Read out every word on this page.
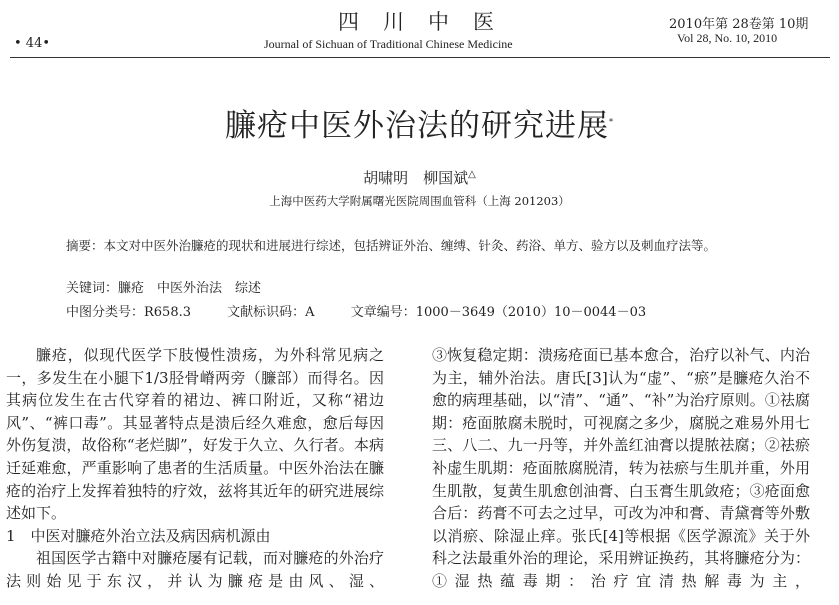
• 44•
四川中医
Journal of Sichuan of Traditional Chinese Medicine
2010年第 28卷第 10期
Vol 28, No. 10, 2010
臁疮中医外治法的研究进展*
胡啸明　柳国斌△
上海中医药大学附属曙光医院周围血管科（上海 201203）
摘要：本文对中医外治臁疮的现状和进展进行综述，包括辨证外治、缠缚、针灸、药浴、单方、验方以及刺血疗法等。
关键词：臁疮　中医外治法　综述
中图分类号：R658.3	文献标识码：A	文章编号：1000－3649（2010）10－0044－03

臁疮，似现代医学下肢慢性溃疡，为外科常见病之一，多发生在小腿下1/3胫骨嵴两旁（臁部）而得名。因其病位发生在古代穿着的裙边、裤口附近，又称“裙边风”、“裤口毒”。其显著特点是溃后经久难愈，愈后每因外伤复溃，故俗称“老烂脚”，好发于久立、久行者。本病迁延难愈，严重影响了患者的生活质量。中医外治法在臁疮的治疗上发挥着独特的疗效，兹将其近年的研究进展综述如下。

1　中医对臁疮外治立法及病因病机源由

祖国医学古籍中对臁疮屡有记载，而对臁疮的外治疗法则始见于东汉，并认为臁疮是由风、湿、

③恢复稳定期：溃疡疮面已基本愈合，治疗以补气、内治为主，辅外治法。唐氏[3]认为“虚”、“瘀”是臁疮久治不愈的病理基础，以“清”、“通”、“补”为治疗原则。①祛腐期：疮面脓腐未脱时，可视腐之多少，腐脱之难易外用七三、八二、九一丹等，并外盖红油膏以提脓祛腐；②祛瘀补虚生肌期：疮面脓腐脱清，转为祛瘀与生肌并重，外用生肌散，复黄生肌愈创油膏、白玉膏生肌敛疮；③疮面愈合后：药膏不可去之过早，可改为冲和膏、青黛膏等外敷以消瘀、除湿止痒。张氏[4]等根据《医学源流》关于外科之法最重外治的理论，采用辨证换药，其将臁疮分为：①湿热蕴毒期：治疗宜清热解毒为主，
